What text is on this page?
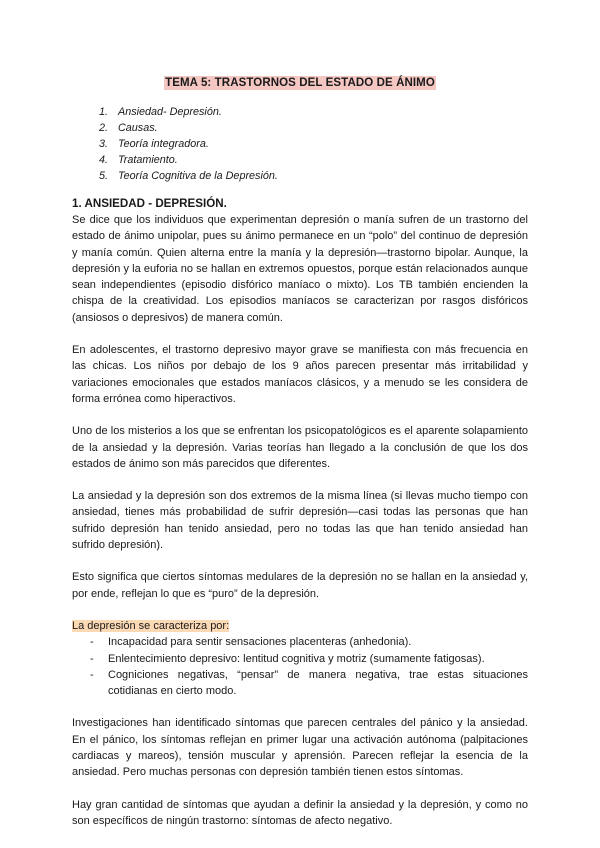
TEMA 5: TRASTORNOS DEL ESTADO DE ÁNIMO
1. Ansiedad- Depresión.
2. Causas.
3. Teoría integradora.
4. Tratamiento.
5. Teoría Cognitiva de la Depresión.
1. ANSIEDAD - DEPRESIÓN.

Se dice que los individuos que experimentan depresión o manía sufren de un trastorno del estado de ánimo unipolar, pues su ánimo permanece en un “polo” del continuo de depresión y manía común. Quien alterna entre la manía y la depresión—trastorno bipolar. Aunque, la depresión y la euforia no se hallan en extremos opuestos, porque están relacionados aunque sean independientes (episodio disfórico maníaco o mixto). Los TB también encienden la chispa de la creatividad. Los episodios maníacos se caracterizan por rasgos disfóricos (ansiosos o depresivos) de manera común.

En adolescentes, el trastorno depresivo mayor grave se manifiesta con más frecuencia en las chicas. Los niños por debajo de los 9 años parecen presentar más irritabilidad y variaciones emocionales que estados maníacos clásicos, y a menudo se les considera de forma errónea como hiperactivos.

Uno de los misterios a los que se enfrentan los psicopatológicos es el aparente solapamiento de la ansiedad y la depresión. Varias teorías han llegado a la conclusión de que los dos estados de ánimo son más parecidos que diferentes.

La ansiedad y la depresión son dos extremos de la misma línea (si llevas mucho tiempo con ansiedad, tienes más probabilidad de sufrir depresión—casi todas las personas que han sufrido depresión han tenido ansiedad, pero no todas las que han tenido ansiedad han sufrido depresión).

Esto significa que ciertos síntomas medulares de la depresión no se hallan en la ansiedad y, por ende, reflejan lo que es “puro” de la depresión.

La depresión se caracteriza por:
- Incapacidad para sentir sensaciones placenteras (anhedonia).
- Enlentecimiento depresivo: lentitud cognitiva y motriz (sumamente fatigosas).
- Cogniciones negativas, “pensar” de manera negativa, trae estas situaciones cotidianas en cierto modo.

Investigaciones han identificado síntomas que parecen centrales del pánico y la ansiedad. En el pánico, los síntomas reflejan en primer lugar una activación autónoma (palpitaciones cardiacas y mareos), tensión muscular y aprensión. Parecen reflejar la esencia de la ansiedad. Pero muchas personas con depresión también tienen estos síntomas.

Hay gran cantidad de síntomas que ayudan a definir la ansiedad y la depresión, y como no son específicos de ningún trastorno: síntomas de afecto negativo.
